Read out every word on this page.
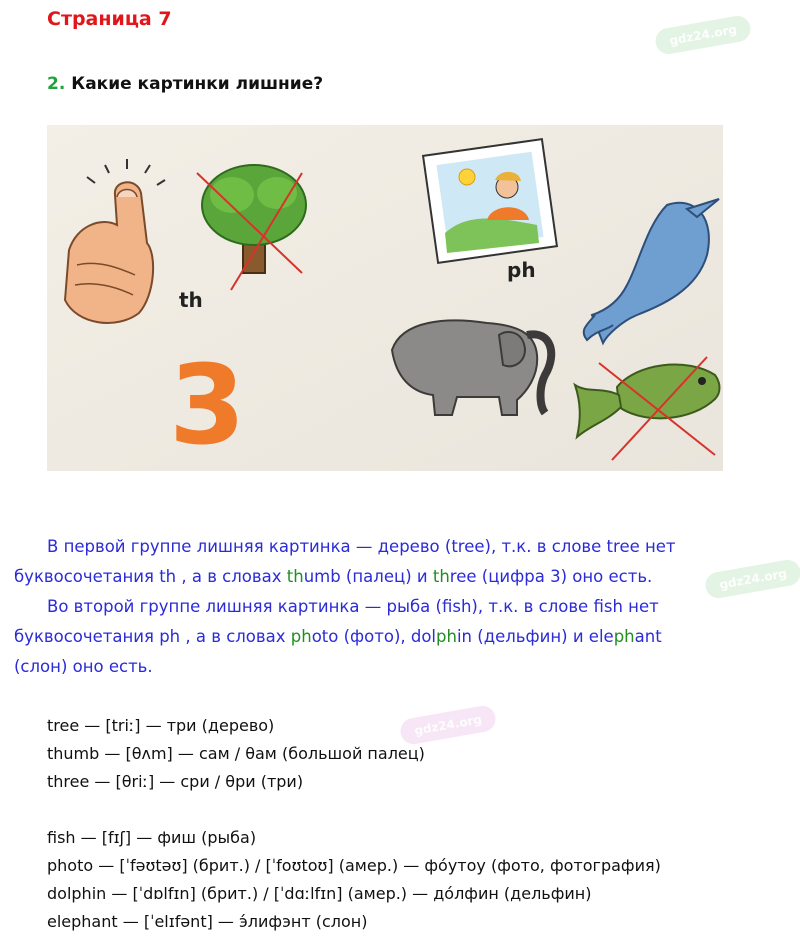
Страница 7
2. Какие картинки лишние?
th
3
ph
gdz24.org
gdz24.org
gdz24.org

В первой группе лишняя картинка — дерево (tree), т.к. в слове tree нет

буквосочетания th , а в словах thumb (палец) и three (цифра 3) оно есть.

Во второй группе лишняя картинка — рыба (fish), т.к. в слове fish нет

буквосочетания ph , а в словах photo (фото), dolphin (дельфин) и elephant

(слон) оно есть.

tree — [triː] — три (дерево)
thumb — [θʌm] — сам / θам (большой палец)
three — [θriː] — сри / θри (три)
fish — [fɪʃ] — фиш (рыба)
photo — [ˈfəʊtəʊ] (брит.) / [ˈfoʊtoʊ] (амер.) — фо́утоу (фото, фотография)
dolphin — [ˈdɒlfɪn] (брит.) / [ˈdɑːlfɪn] (амер.) — до́лфин (дельфин)
elephant — [ˈelɪfənt] — э́лифэнт (слон)
